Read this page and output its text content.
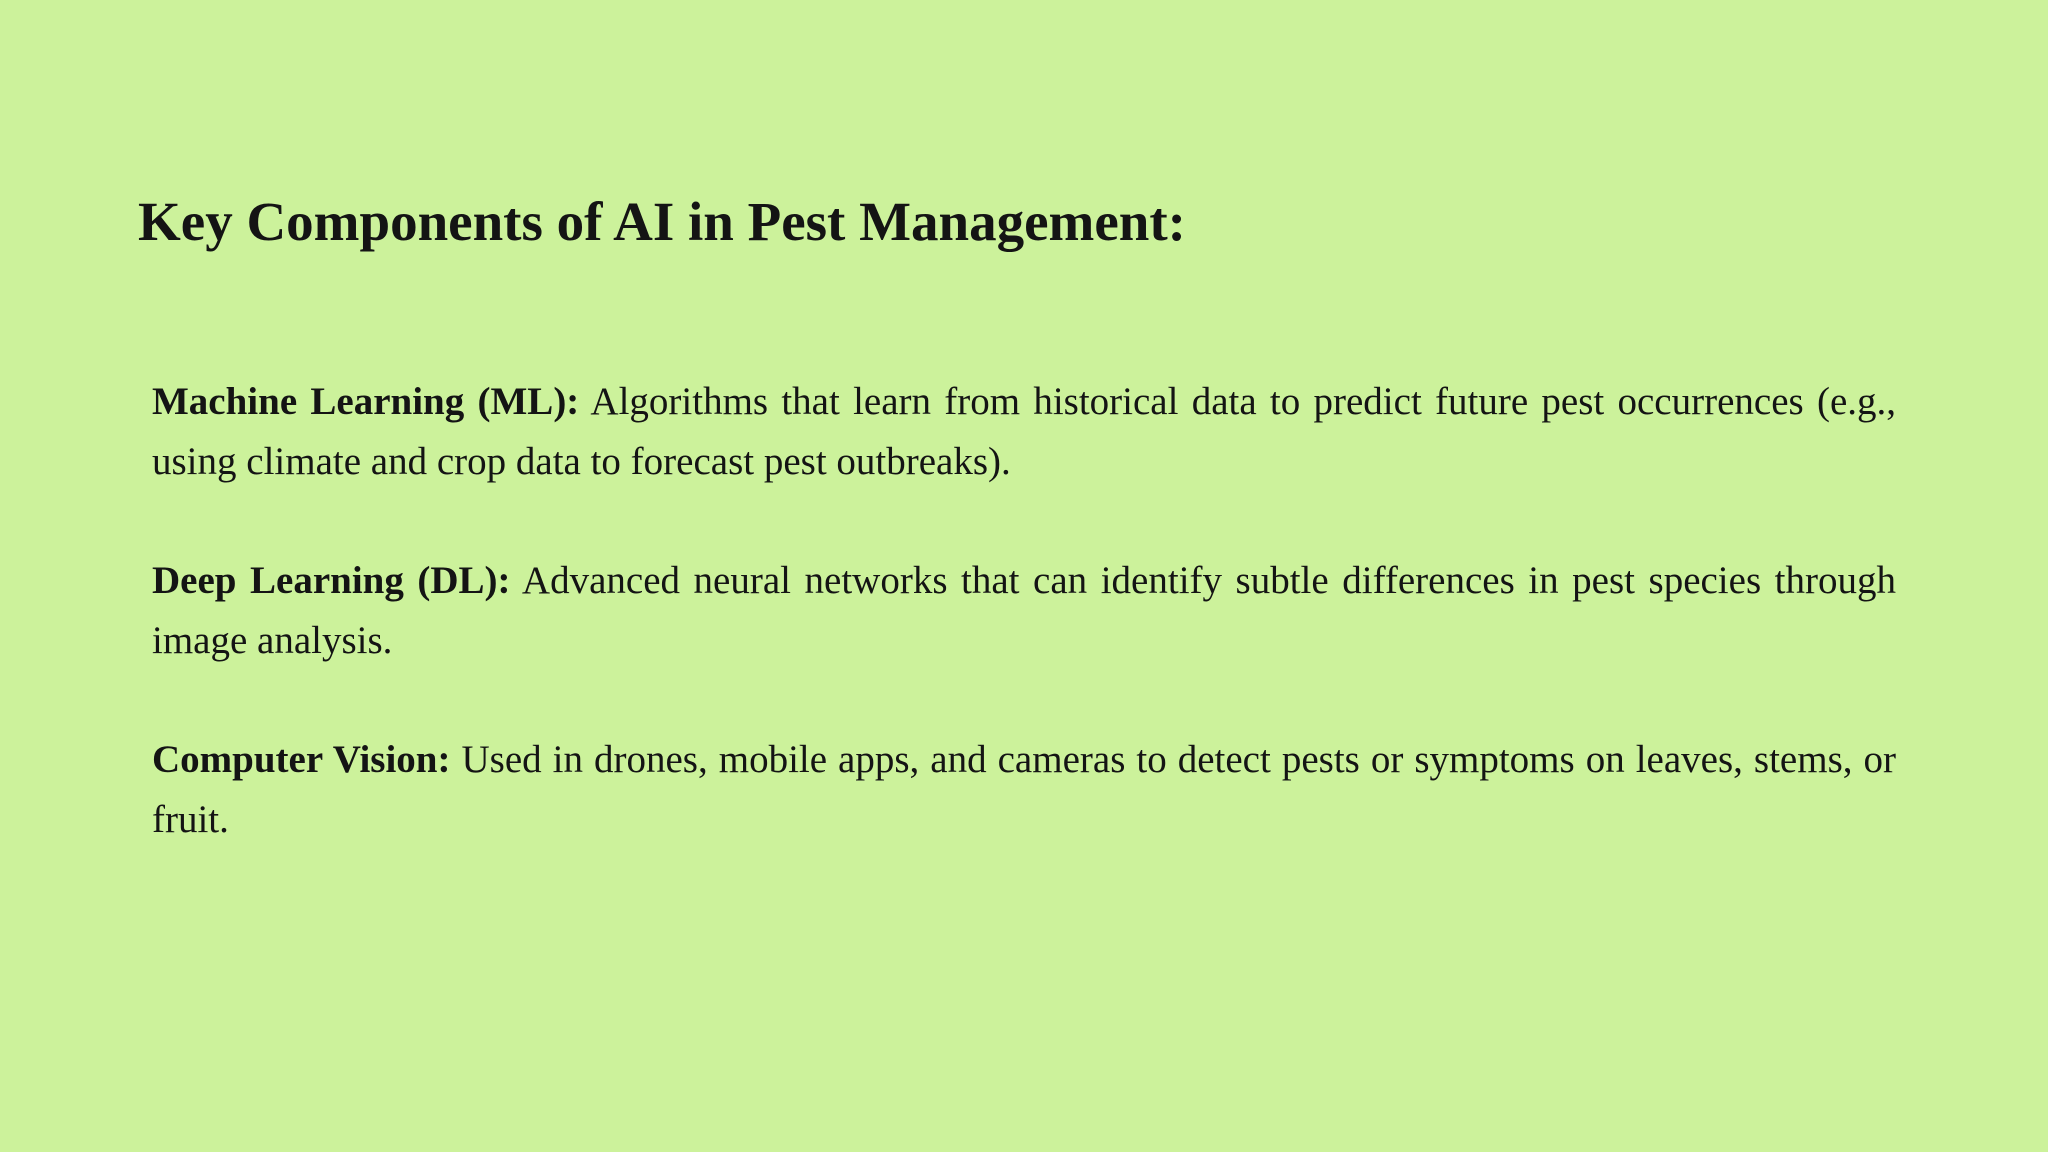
Key Components of AI in Pest Management:

Machine Learning (ML): Algorithms that learn from historical data to predict future pest occurrences (e.g., using climate and crop data to forecast pest outbreaks).

Deep Learning (DL): Advanced neural networks that can identify subtle differences in pest species through image analysis.

Computer Vision: Used in drones, mobile apps, and cameras to detect pests or symptoms on leaves, stems, or fruit.
